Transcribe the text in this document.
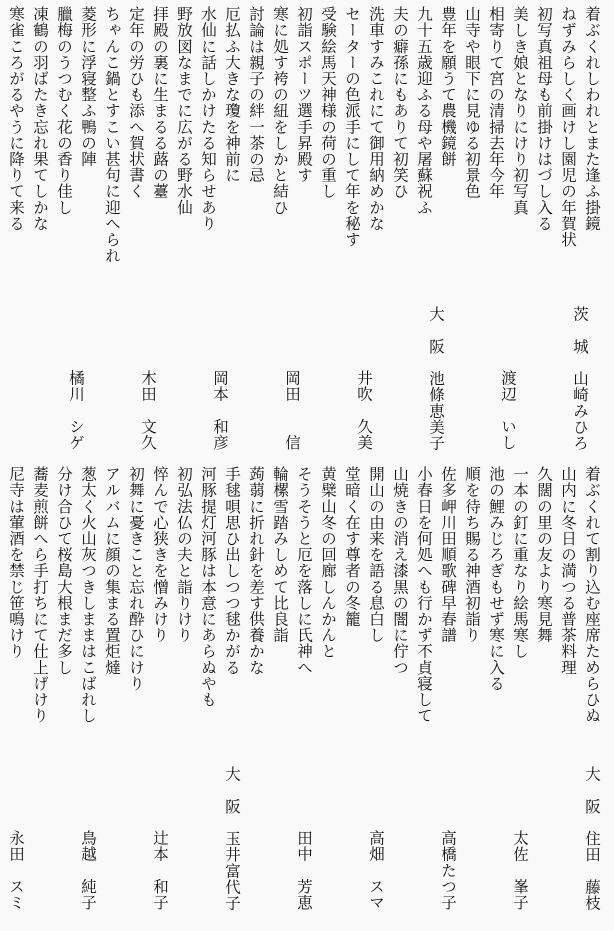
着ぶくれしわれとまた逢ふ掛鏡
ねずみらしく画けし園児の年賀状
初写真祖母も前掛けはづし入る
美しき娘となりにけり初写真
相寄りて宮の清掃去年今年
山寺や眼下に見ゆる初景色
豊年を願うて農機鏡餅
九十五歳迎ふる母や屠蘇祝ふ
夫の癖孫にもありて初笑ひ
洗車すみこれにて御用納めかな
セーターの色派手にして年を秘す
受験絵馬天神様の荷の重し
初詣スポーツ選手昇殿す
寒に処す袴の紐をしかと結ひ
討論は親子の絆一茶の忌
厄払ふ大きな瓊を神前に
水仙に話しかけたる知らせあり
野放図なまでに広がる野水仙
拝殿の裏に生まるる蕗の薹
定年の労ひも添へ賀状書く
ちゃんこ鍋とすこい甚句に迎へられ
菱形に浮寝整ふ鴨の陣
臘梅のうつむく花の香り佳し
凍鶴の羽ばたき忘れ果てしかな
寒雀ころがるやうに降りて来る
茨　城　山崎みひろ
渡辺　いし
大　阪　池條恵美子
井吹　久美
岡田　　信
岡本　和彦
木田　文久
橘川　シゲ
着ぶくれて割り込む座席ためらひぬ
山内に冬日の満つる普茶料理
久闊の里の友より寒見舞
一本の釘に重なり絵馬寒し
池の鯉みじろぎもせず寒に入る
順を待ち賜る神酒初詣り
佐多岬川田順歌碑早春譜
小春日を何処へも行かず不貞寝して
山焼きの消え漆黒の闇に佇つ
開山の由来を語る息白し
堂暗く在す尊者の冬籠
黄檗山冬の回廊しんかんと
そうそうと厄を落しに氏神へ
輪樏雪踏みしめて比良詣
蒟蒻に折れ針を差す供養かな
手毬唄思ひ出しつつ毬かがる
河豚提灯河豚は本意にあらぬやも
初弘法仏の夫と詣りけり
悴んで心狭きを憎みけり
初舞に憂きこと忘れ酔ひにけり
アルバムに顔の集まる置炬燵
葱太く火山灰つきしままはこばれし
分け合ひて桜島大根まだ多し
蕎麦煎餅へら手打ちにて仕上げけり
尼寺は葷酒を禁じ笹鳴けり
大　阪　住田　藤枝
太佐　峯子
高橋たつ子
高畑　スマ
田中　芳恵
大　阪　玉井富代子
辻本　和子
鳥越　純子
永田　スミ
